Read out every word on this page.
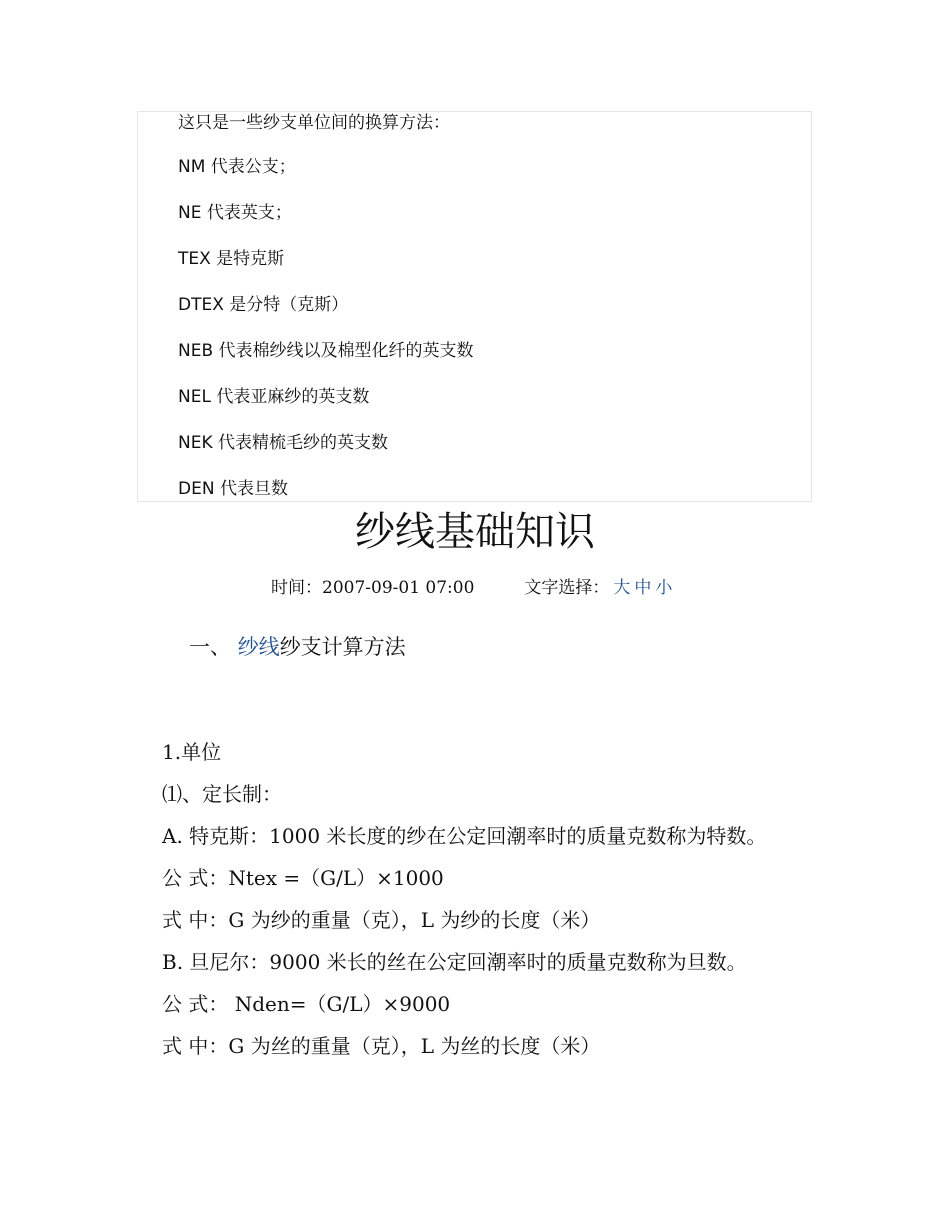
这只是一些纱支单位间的换算方法：
NM 代表公支；
NE 代表英支；
TEX 是特克斯
DTEX 是分特（克斯）
NEB 代表棉纱线以及棉型化纤的英支数
NEL 代表亚麻纱的英支数
NEK 代表精梳毛纱的英支数
DEN 代表旦数
纱线基础知识
时间：2007-09-01 07:00	文字选择： 大 中 小
一、 纱线纱支计算方法
1.单位
⑴、定长制：
A. 特克斯：1000 米长度的纱在公定回潮率时的质量克数称为特数。
公 式：Ntex =（G/L）×1000
式 中：G 为纱的重量（克），L 为纱的长度（米）
B. 旦尼尔：9000 米长的丝在公定回潮率时的质量克数称为旦数。
公 式： Nden=（G/L）×9000
式 中：G 为丝的重量（克），L 为丝的长度（米）
